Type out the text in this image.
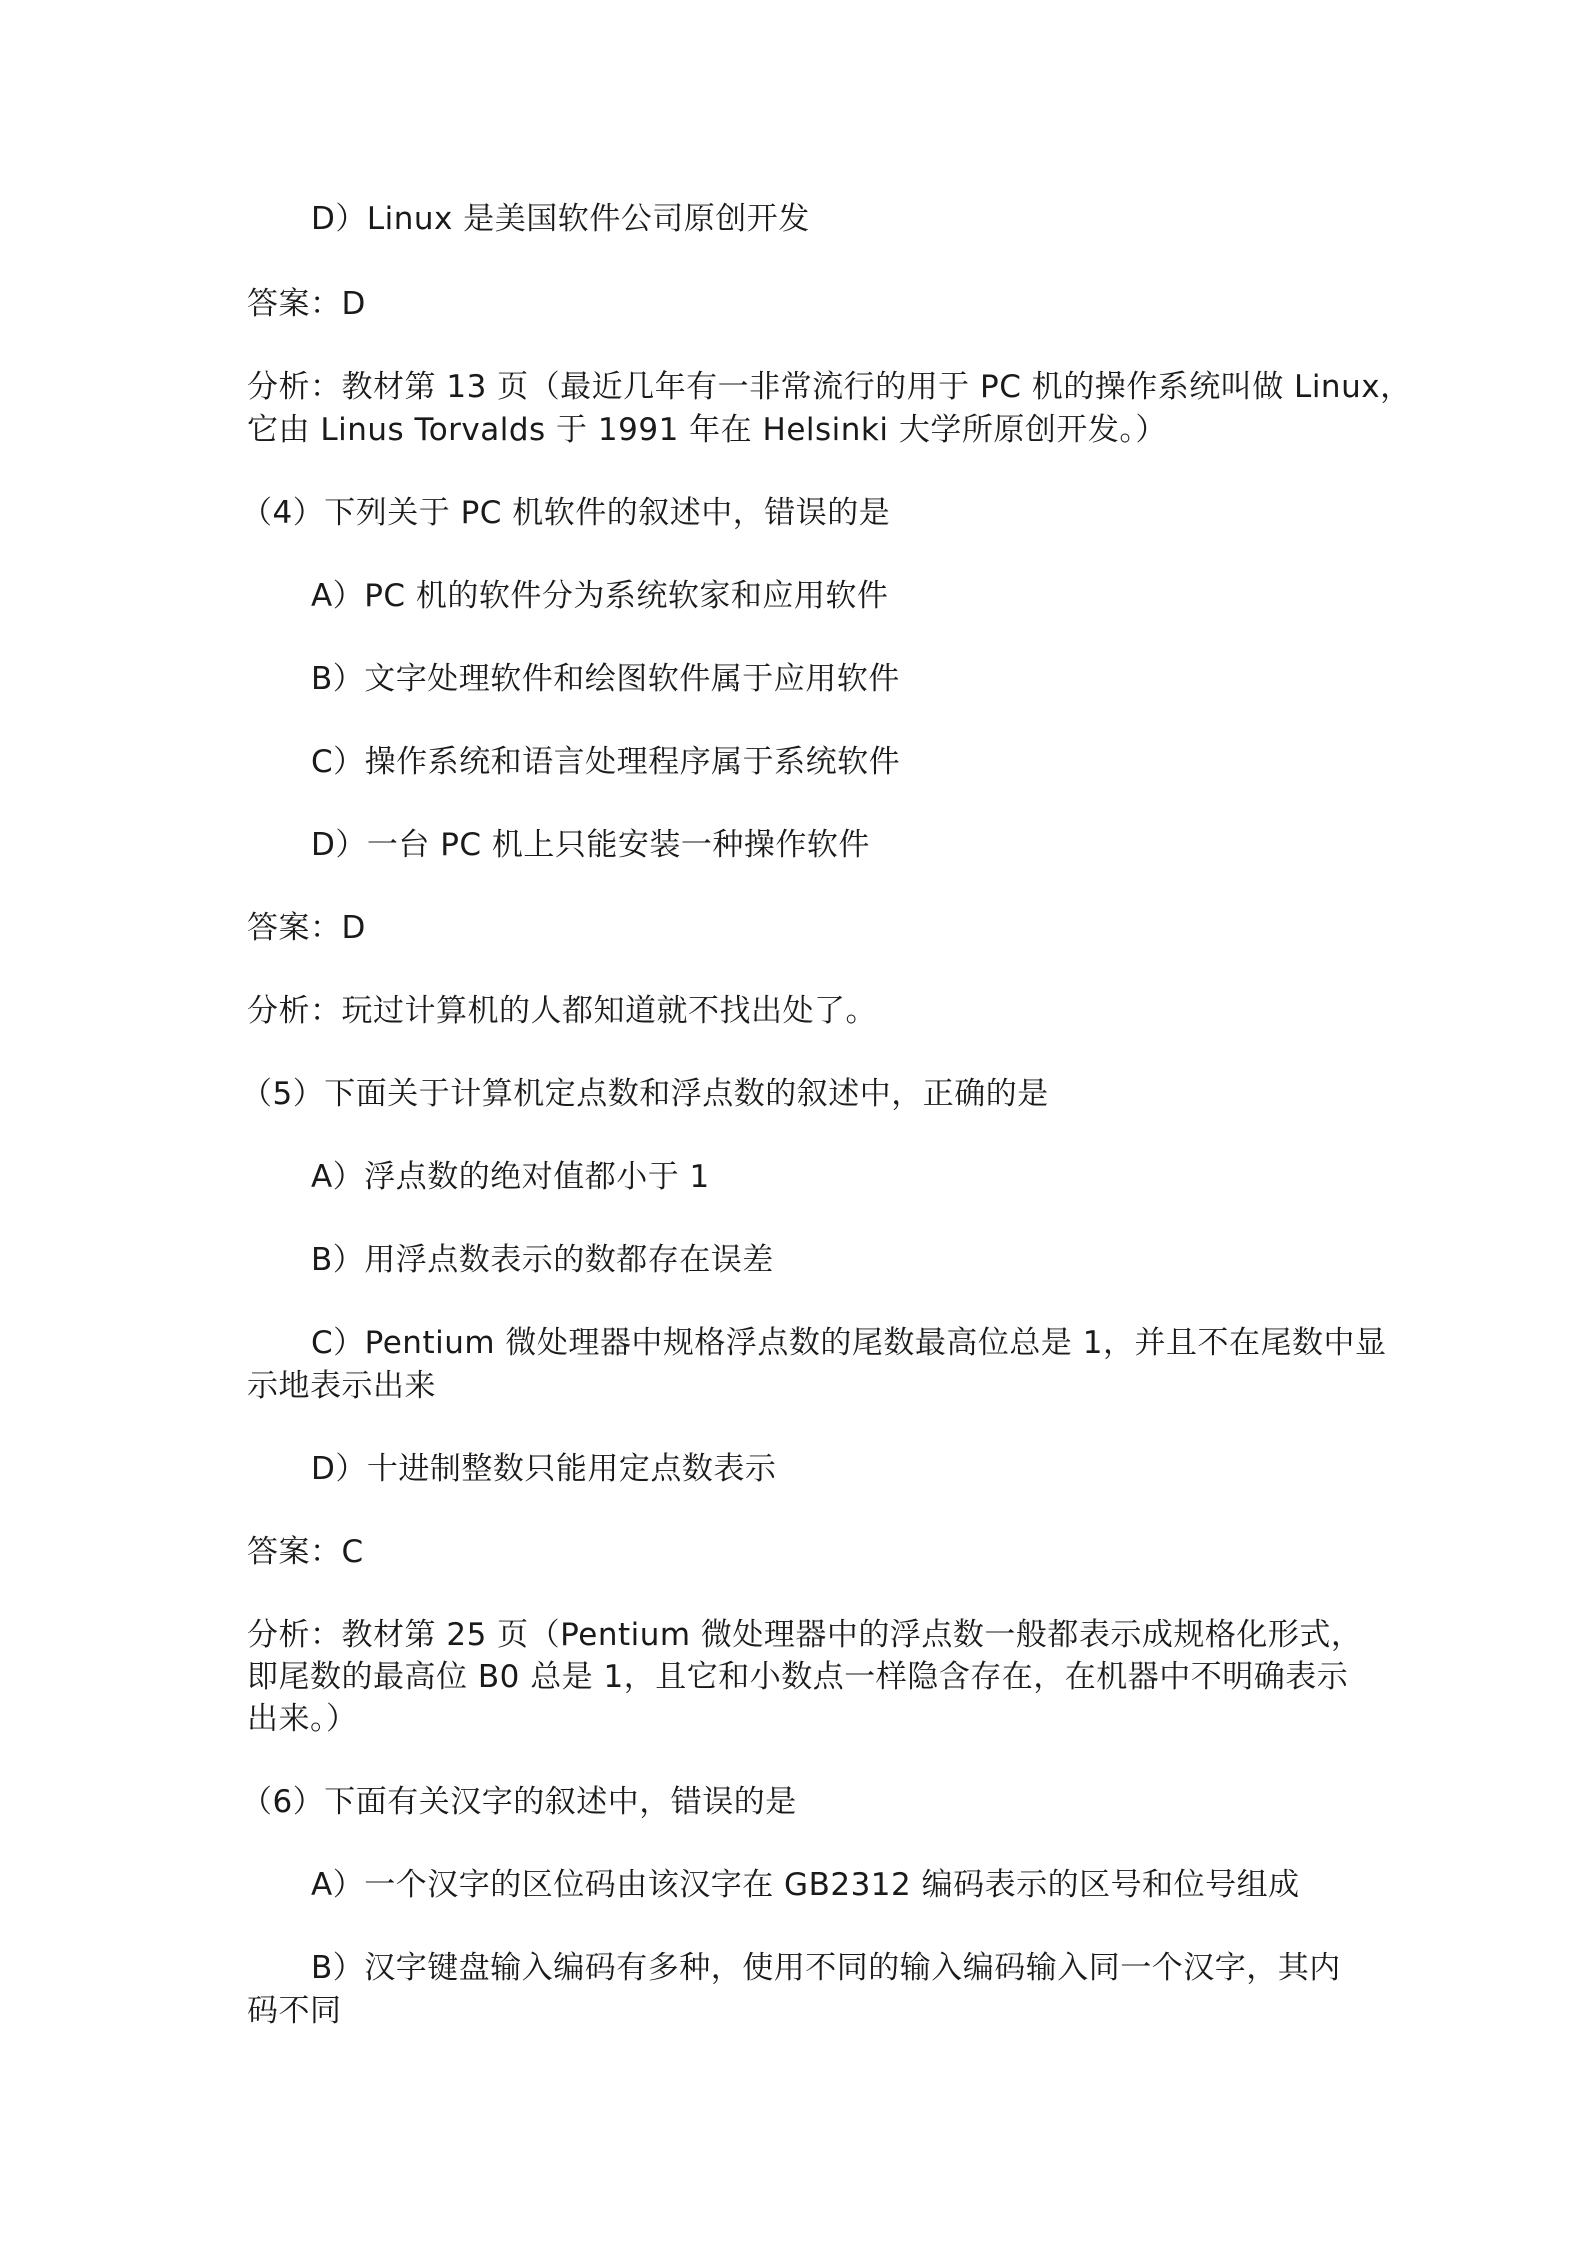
D）Linux 是美国软件公司原创开发
答案：D
分析：教材第 13 页（最近几年有一非常流行的用于 PC 机的操作系统叫做 Linux，
它由 Linus Torvalds 于 1991 年在 Helsinki 大学所原创开发。）
（4）下列关于 PC 机软件的叙述中，错误的是
A）PC 机的软件分为系统软家和应用软件
B）文字处理软件和绘图软件属于应用软件
C）操作系统和语言处理程序属于系统软件
D）一台 PC 机上只能安装一种操作软件
答案：D
分析：玩过计算机的人都知道就不找出处了。
（5）下面关于计算机定点数和浮点数的叙述中，正确的是
A）浮点数的绝对值都小于 1
B）用浮点数表示的数都存在误差
C）Pentium 微处理器中规格浮点数的尾数最高位总是 1，并且不在尾数中显
示地表示出来
D）十进制整数只能用定点数表示
答案：C
分析：教材第 25 页（Pentium 微处理器中的浮点数一般都表示成规格化形式，
即尾数的最高位 B0 总是 1，且它和小数点一样隐含存在，在机器中不明确表示
出来。）
（6）下面有关汉字的叙述中，错误的是
A）一个汉字的区位码由该汉字在 GB2312 编码表示的区号和位号组成
B）汉字键盘输入编码有多种，使用不同的输入编码输入同一个汉字，其内
码不同
